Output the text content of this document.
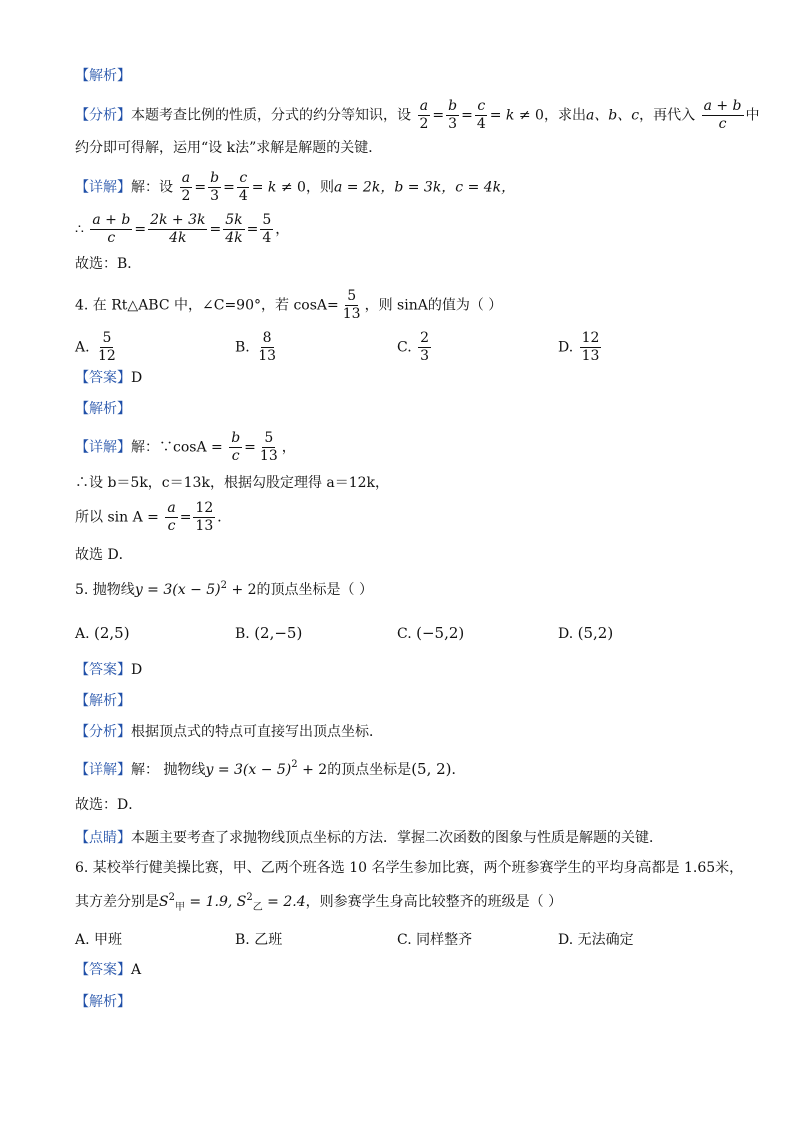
【解析】
【分析】本题考查比例的性质，分式的约分等知识，设 $\frac{a}{2} = \frac{b}{3} = \frac{c}{4} = k \ne 0$，求出a、b、c，再代入 $\frac{a + b}{c}$ 中
约分即可得解，运用“设 k法”求解是解题的关键．
【详解】解：设 $\frac{a}{2} = \frac{b}{3} = \frac{c}{4} = k \ne 0$，则a = 2k，b = 3k，c = 4k，
∴ $\frac{a + b}{c} = \frac{2k + 3k}{4k} = \frac{5k}{4k} = \frac{5}{4}$ ，
故选：B．
4. 在 Rt△ABC 中，∠C=90°，若 $\cos A= \frac{5}{13}$ ，则 sinA的值为（ ）
A. $\frac{5}{12}$	B. $\frac{8}{13}$	C. $\frac{2}{3}$	D. $\frac{12}{13}$
【答案】D
【解析】
【详解】解：∵cosA = $\frac{b}{c} = \frac{5}{13}$ ，
∴设 b＝5k，c＝13k，根据勾股定理得 a＝12k，
所以 $\sin A = \frac{a}{c} = \frac{12}{13}$ ．
故选 D．
5. 抛物线$y = 3(x - 5)^2 + 2$的顶点坐标是（ ）
A. (2,5)	B. (2,−5)	C. (−5,2)	D. (5,2)
【答案】D
【解析】
【分析】根据顶点式的特点可直接写出顶点坐标．
【详解】解： 抛物线$y = 3(x - 5)^2 + 2$的顶点坐标是(5, 2)．
故选：D．
【点睛】本题主要考查了求抛物线顶点坐标的方法．掌握二次函数的图象与性质是解题的关键．
6. 某校举行健美操比赛，甲、乙两个班各选 10 名学生参加比赛，两个班参赛学生的平均身高都是 1.65米，
其方差分别是$S^2_甲 = 1.9$, $S^2_乙 = 2.4$，则参赛学生身高比较整齐的班级是（ ）
A. 甲班	B. 乙班	C. 同样整齐	D. 无法确定
【答案】A
【解析】
